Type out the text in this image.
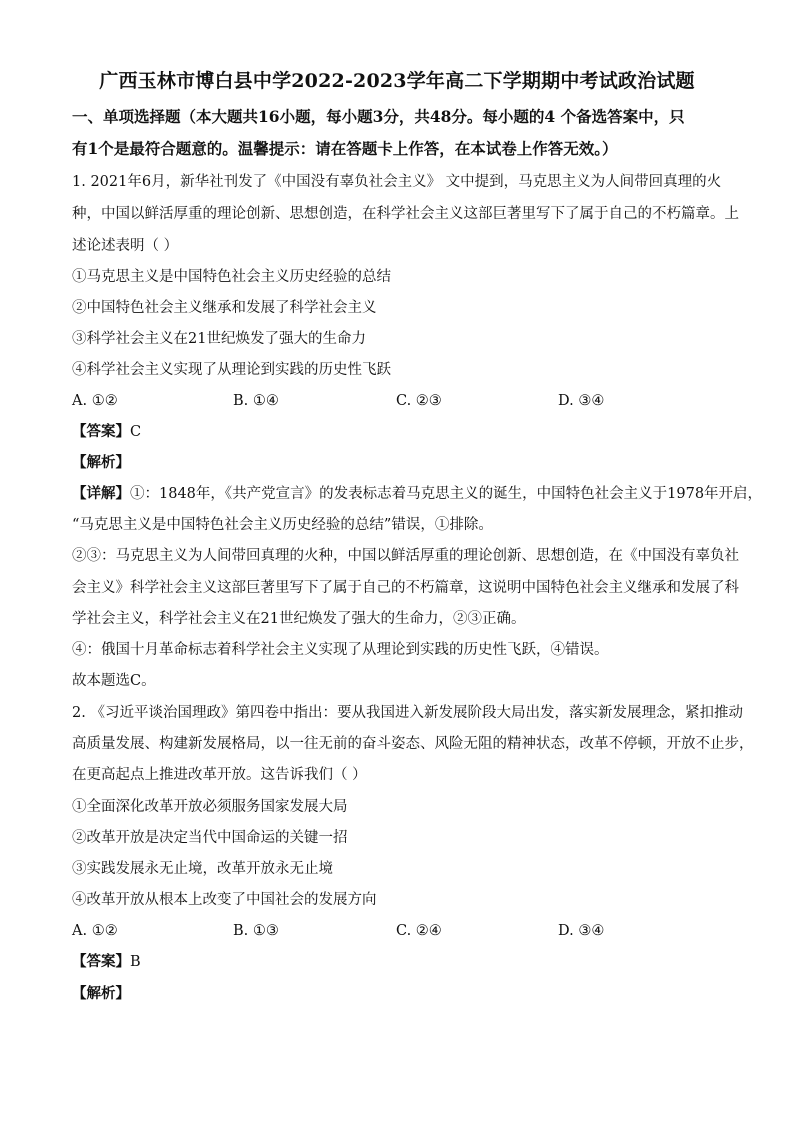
广西玉林市博白县中学2022-2023学年高二下学期期中考试政治试题
一、单项选择题（本大题共16小题，每小题3分，共48分。每小题的4 个备选答案中，只
有1个是最符合题意的。温馨提示：请在答题卡上作答，在本试卷上作答无效。）
1. 2021年6月，新华社刊发了《中国没有辜负社会主义》 文中提到，马克思主义为人间带回真理的火
种，中国以鲜活厚重的理论创新、思想创造，在科学社会主义这部巨著里写下了属于自己的不朽篇章。上
述论述表明（ ）
①马克思主义是中国特色社会主义历史经验的总结
②中国特色社会主义继承和发展了科学社会主义
③科学社会主义在21世纪焕发了强大的生命力
④科学社会主义实现了从理论到实践的历史性飞跃
A. ①②	B. ①④	C. ②③	D. ③④
【答案】C
【解析】
【详解】①：1848年，《共产党宣言》的发表标志着马克思主义的诞生，中国特色社会主义于1978年开启，
“马克思主义是中国特色社会主义历史经验的总结”错误，①排除。
②③：马克思主义为人间带回真理的火种，中国以鲜活厚重的理论创新、思想创造，在《中国没有辜负社
会主义》科学社会主义这部巨著里写下了属于自己的不朽篇章，这说明中国特色社会主义继承和发展了科
学社会主义，科学社会主义在21世纪焕发了强大的生命力，②③正确。
④：俄国十月革命标志着科学社会主义实现了从理论到实践的历史性飞跃，④错误。
故本题选C。
2. 《习近平谈治国理政》第四卷中指出：要从我国进入新发展阶段大局出发，落实新发展理念，紧扣推动
高质量发展、构建新发展格局，以一往无前的奋斗姿态、风险无阻的精神状态，改革不停顿，开放不止步，
在更高起点上推进改革开放。这告诉我们（ ）
①全面深化改革开放必须服务国家发展大局
②改革开放是决定当代中国命运的关键一招
③实践发展永无止境，改革开放永无止境
④改革开放从根本上改变了中国社会的发展方向
A. ①②	B. ①③	C. ②④	D. ③④
【答案】B
【解析】
